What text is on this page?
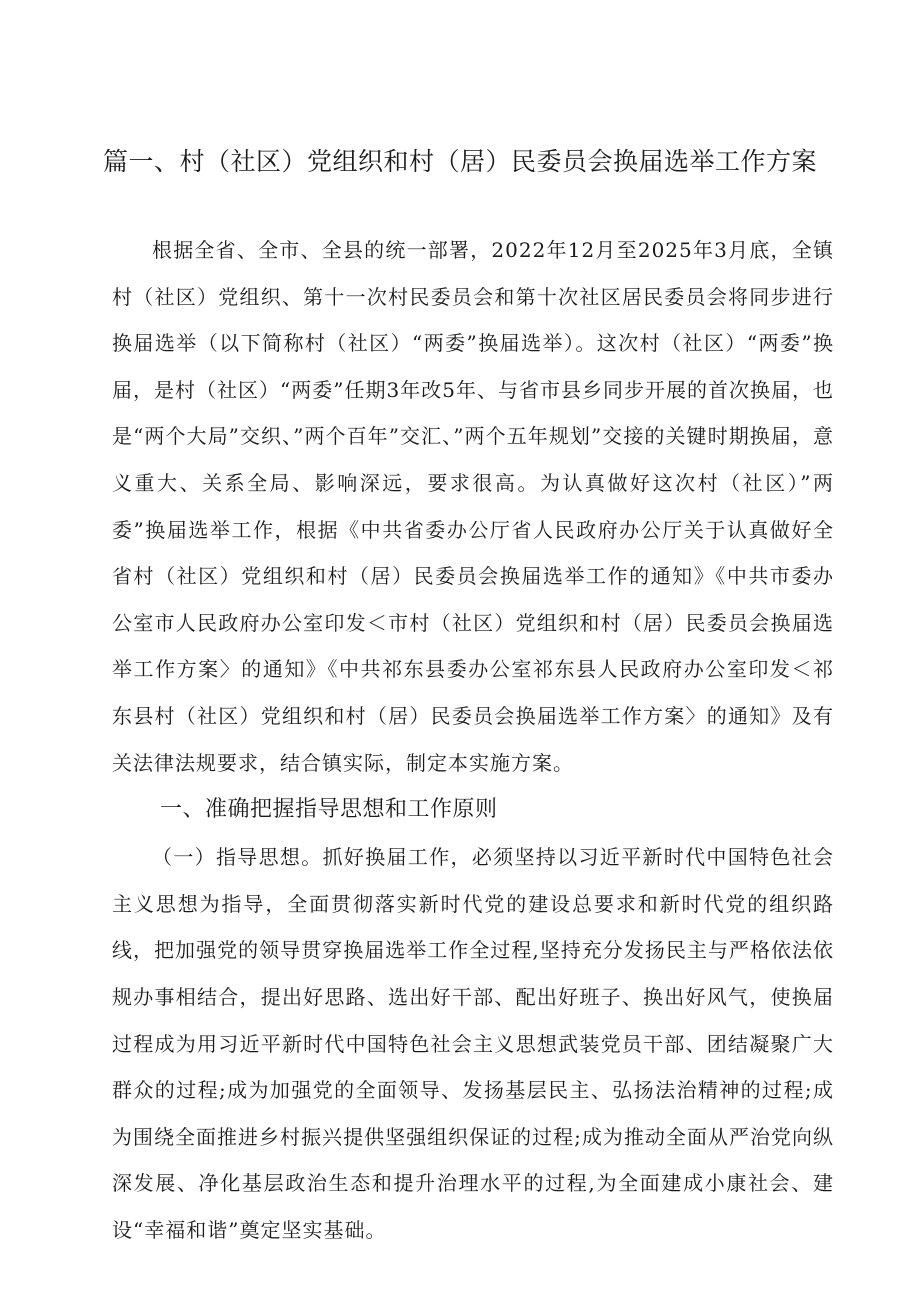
篇一、村（社区）党组织和村（居）民委员会换届选举工作方案

根据全省、全市、全县的统一部署，2022年12月至2025年3月底，全镇村（社区）党组织、第十一次村民委员会和第十次社区居民委员会将同步进行换届选举（以下简称村（社区）“两委”换届选举）。这次村（社区）“两委”换届，是村（社区）“两委”任期3年改5年、与省市县乡同步开展的首次换届，也是“两个大局”交织、”两个百年”交汇、”两个五年规划”交接的关键时期换届，意义重大、关系全局、影响深远，要求很高。为认真做好这次村（社区）”两委”换届选举工作，根据《中共省委办公厅省人民政府办公厅关于认真做好全省村（社区）党组织和村（居）民委员会换届选举工作的通知》《中共市委办公室市人民政府办公室印发＜市村（社区）党组织和村（居）民委员会换届选举工作方案〉的通知》《中共祁东县委办公室祁东县人民政府办公室印发＜祁东县村（社区）党组织和村（居）民委员会换届选举工作方案〉的通知》及有关法律法规要求，结合镇实际，制定本实施方案。

一、准确把握指导思想和工作原则

（一）指导思想。抓好换届工作，必须坚持以习近平新时代中国特色社会主义思想为指导，全面贯彻落实新时代党的建设总要求和新时代党的组织路线，把加强党的领导贯穿换届选举工作全过程,坚持充分发扬民主与严格依法依规办事相结合，提出好思路、选出好干部、配出好班子、换出好风气，使换届过程成为用习近平新时代中国特色社会主义思想武装党员干部、团结凝聚广大群众的过程;成为加强党的全面领导、发扬基层民主、弘扬法治精神的过程;成为围绕全面推进乡村振兴提供坚强组织保证的过程;成为推动全面从严治党向纵深发展、净化基层政治生态和提升治理水平的过程,为全面建成小康社会、建设“幸福和谐”奠定坚实基础。
